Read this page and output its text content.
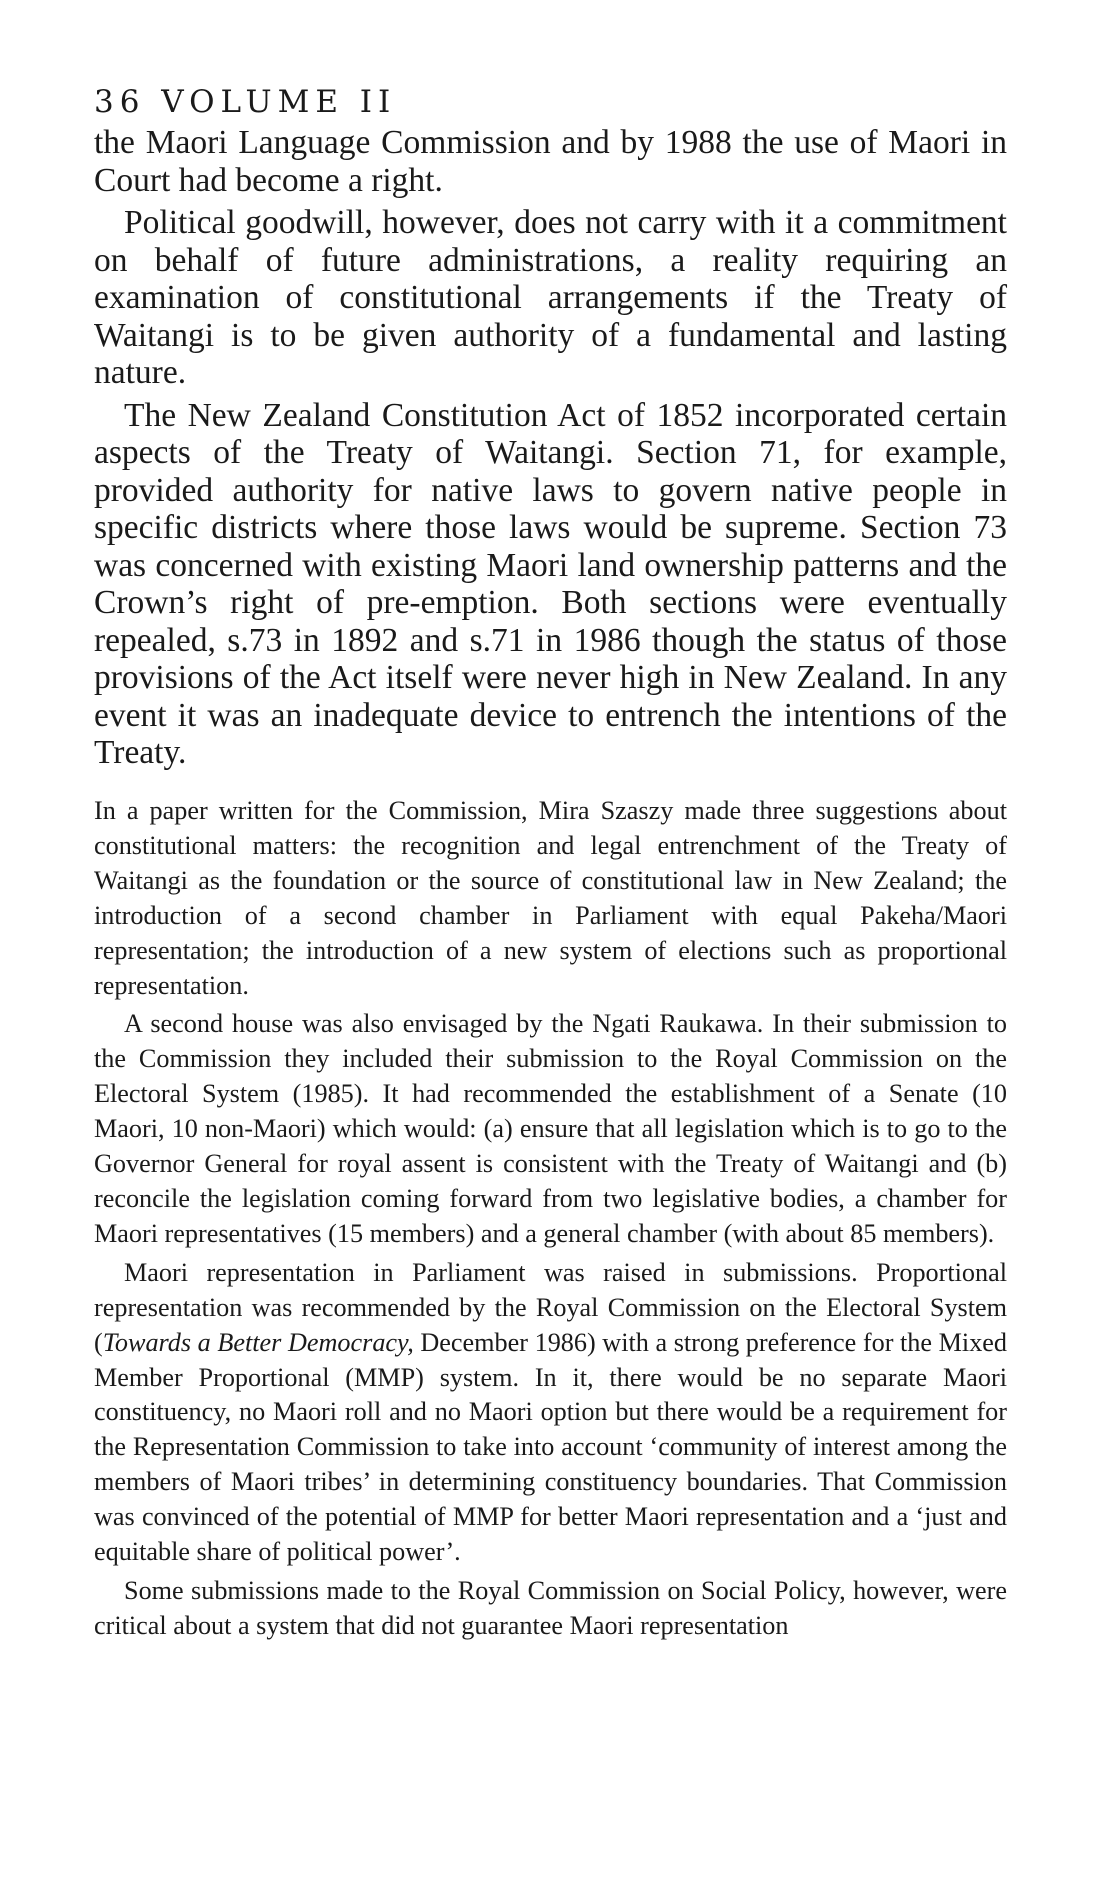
36 VOLUME II

the Maori Language Commission and by 1988 the use of Maori in Court had become a right.

Political goodwill, however, does not carry with it a commitment on behalf of future administrations, a reality requiring an examination of constitutional arrangements if the Treaty of Waitangi is to be given authority of a fundamental and lasting nature.

The New Zealand Constitution Act of 1852 incorporated certain aspects of the Treaty of Waitangi. Section 71, for example, provided authority for native laws to govern native people in specific districts where those laws would be supreme. Section 73 was concerned with existing Maori land ownership patterns and the Crown’s right of pre-emption. Both sections were eventually repealed, s.73 in 1892 and s.71 in 1986 though the status of those provisions of the Act itself were never high in New Zealand. In any event it was an inadequate device to entrench the intentions of the Treaty.

In a paper written for the Commission, Mira Szaszy made three suggestions about constitutional matters: the recognition and legal entrenchment of the Treaty of Waitangi as the foundation or the source of constitutional law in New Zealand; the introduction of a second chamber in Parliament with equal Pakeha/Maori representation; the introduction of a new system of elections such as proportional representation.

A second house was also envisaged by the Ngati Raukawa. In their submission to the Commission they included their submission to the Royal Commission on the Electoral System (1985). It had recommended the establishment of a Senate (10 Maori, 10 non-Maori) which would: (a) ensure that all legislation which is to go to the Governor General for royal assent is consistent with the Treaty of Waitangi and (b) reconcile the legislation coming forward from two legislative bodies, a chamber for Maori representatives (15 members) and a general chamber (with about 85 members).

Maori representation in Parliament was raised in submissions. Proportional representation was recommended by the Royal Commission on the Electoral System (Towards a Better Democracy, December 1986) with a strong preference for the Mixed Member Proportional (MMP) system. In it, there would be no separate Maori constituency, no Maori roll and no Maori option but there would be a requirement for the Representation Commission to take into account ‘community of interest among the members of Maori tribes’ in determining constituency boundaries. That Commission was convinced of the potential of MMP for better Maori representation and a ‘just and equitable share of political power’.

Some submissions made to the Royal Commission on Social Policy, however, were critical about a system that did not guarantee Maori representation
